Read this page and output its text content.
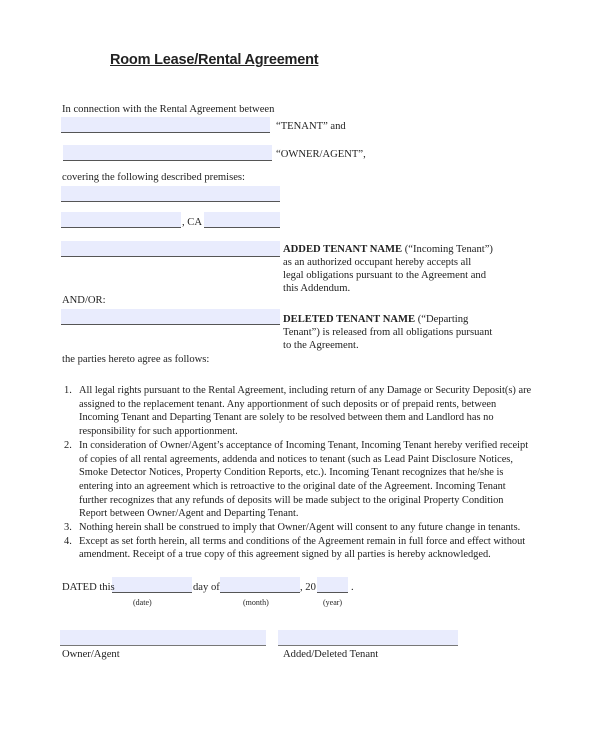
Room Lease/Rental Agreement
In connection with the Rental Agreement between
“TENANT” and
“OWNER/AGENT”,
covering the following described premises:
, CA
ADDED TENANT NAME (“Incoming Tenant”)
as an authorized occupant hereby accepts all
legal obligations pursuant to the Agreement and
this Addendum.
AND/OR:
DELETED TENANT NAME (“Departing
Tenant”) is released from all obligations pursuant
to the Agreement.
the parties hereto agree as follows:
1. All legal rights pursuant to the Rental Agreement, including return of any Damage or Security Deposit(s) are assigned to the replacement tenant. Any apportionment of such deposits or of prepaid rents, between Incoming Tenant and Departing Tenant are solely to be resolved between them and Landlord has no responsibility for such apportionment.
2. In consideration of Owner/Agent’s acceptance of Incoming Tenant, Incoming Tenant hereby verified receipt of copies of all rental agreements, addenda and notices to tenant (such as Lead Paint Disclosure Notices, Smoke Detector Notices, Property Condition Reports, etc.). Incoming Tenant recognizes that he/she is entering into an agreement which is retroactive to the original date of the Agreement. Incoming Tenant further recognizes that any refunds of deposits will be made subject to the original Property Condition Report between Owner/Agent and Departing Tenant.
3. Nothing herein shall be construed to imply that Owner/Agent will consent to any future change in tenants.
4. Except as set forth herein, all terms and conditions of the Agreement remain in full force and effect without amendment. Receipt of a true copy of this agreement signed by all parties is hereby acknowledged.
DATED this	day of	, 20	.
(date)	(month)	(year)
Owner/Agent	Added/Deleted Tenant
